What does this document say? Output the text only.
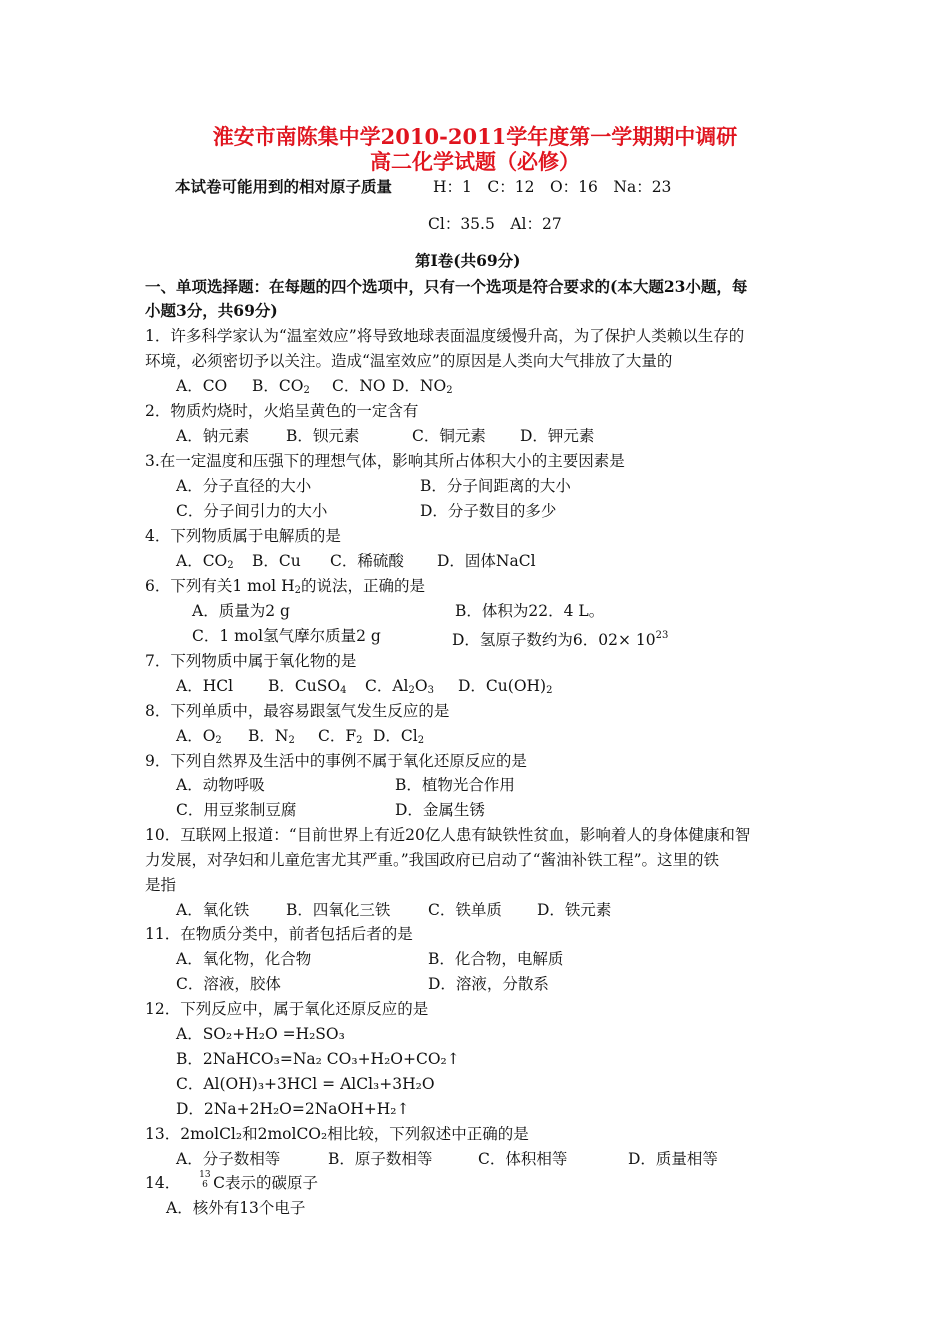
淮安市南陈集中学2010-2011学年度第一学期期中调研
高二化学试题（必修）
本试卷可能用到的相对原子质量	H：1　C：12　O：16　Na：23
Cl：35.5　Al：27
第Ⅰ卷(共69分)
一、单项选择题：在每题的四个选项中，只有一个选项是符合要求的(本大题23小题，每
小题3分，共69分)
1．许多科学家认为“温室效应”将导致地球表面温度缓慢升高，为了保护人类赖以生存的
环境，必须密切予以关注。造成“温室效应”的原因是人类向大气排放了大量的
A．CO B．$CO_2$ C．NO D．$NO_2$
2．物质灼烧时，火焰呈黄色的一定含有
A．钠元素 B．钡元素	C．铜元素 D．钾元素
3.在一定温度和压强下的理想气体，影响其所占体积大小的主要因素是
A．分子直径的大小	B．分子间距离的大小
C．分子间引力的大小	D．分子数目的多少
4．下列物质属于电解质的是
A．$CO_2$ B．Cu C．稀硫酸 D．固体NaCl
6．下列有关1 mol $H_2$的说法，正确的是
A．质量为2 g	B．体积为22．4 L。
C．1 mol氢气摩尔质量2 g	D．氢原子数约为6．$02\times 10^{23}$
7．下列物质中属于氧化物的是
A．HCl B．CuSO$_4$ C．$Al_2O_3$ D．$Cu(OH)_2$
8．下列单质中，最容易跟氢气发生反应的是
A．$O_2$ B．$N_2$ C．$F_2$ D．$Cl_2$
9．下列自然界及生活中的事例不属于氧化还原反应的是
A．动物呼吸	B．植物光合作用
C．用豆浆制豆腐	D．金属生锈
10．互联网上报道：“目前世界上有近20亿人患有缺铁性贫血，影响着人的身体健康和智
力发展，对孕妇和儿童危害尤其严重。”我国政府已启动了“酱油补铁工程”。这里的铁
是指
A．氧化铁 B．四氧化三铁 C．铁单质 D．铁元素
11．在物质分类中，前者包括后者的是
A．氧化物，化合物	B．化合物，电解质
C．溶液，胶体	D．溶液，分散系
12．下列反应中，属于氧化还原反应的是
A．SO₂+H₂O =H₂SO₃
B．2NaHCO₃=Na₂ CO₃+H₂O+CO₂↑
C．Al(OH)₃+3HCl = AlCl₃+3H₂O
D．2Na+2H₂O=2NaOH+H₂↑
13．2molCl₂和2molCO₂相比较，下列叙述中正确的是
A．分子数相等	B．原子数相等	C．体积相等	D．质量相等
14． 13
6 C表示的碳原子
A．核外有13个电子
